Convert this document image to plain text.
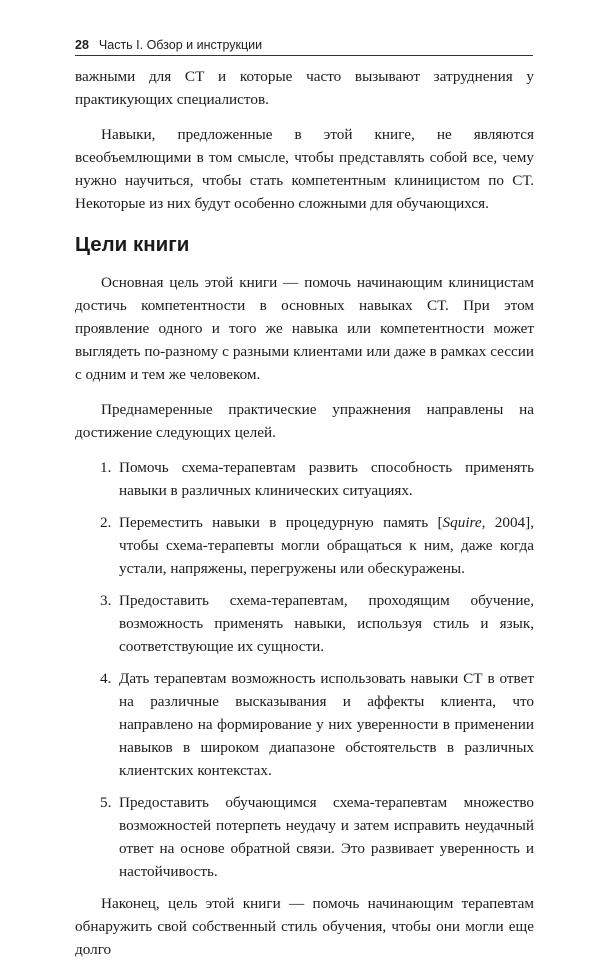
28 Часть I. Обзор и инструкции

важными для СТ и которые часто вызывают затруднения у практикующих специалистов.

Навыки, предложенные в этой книге, не являются всеобъемлющими в том смысле, чтобы представлять собой все, чему нужно научиться, чтобы стать компетентным клиницистом по СТ. Некоторые из них будут особенно сложными для обучающихся.

Цели книги

Основная цель этой книги — помочь начинающим клиницистам достичь компетентности в основных навыках СТ. При этом проявление одного и того же навыка или компетентности может выглядеть по-разному с разными клиентами или даже в рамках сессии с одним и тем же человеком.

Преднамеренные практические упражнения направлены на достижение следующих целей.

1. Помочь схема-терапевтам развить способность применять навыки в различных клинических ситуациях.
2. Переместить навыки в процедурную память [Squire, 2004], чтобы схема-терапевты могли обращаться к ним, даже когда устали, напряжены, перегружены или обескуражены.
3. Предоставить схема-терапевтам, проходящим обучение, возможность применять навыки, используя стиль и язык, соответствующие их сущности.
4. Дать терапевтам возможность использовать навыки СТ в ответ на различные высказывания и аффекты клиента, что направлено на формирование у них уверенности в применении навыков в широком диапазоне обстоятельств в различных клиентских контекстах.
5. Предоставить обучающимся схема-терапевтам множество возможностей потерпеть неудачу и затем исправить неудачный ответ на основе обратной связи. Это развивает уверенность и настойчивость.

Наконец, цель этой книги — помочь начинающим терапевтам обнаружить свой собственный стиль обучения, чтобы они могли еще долго
